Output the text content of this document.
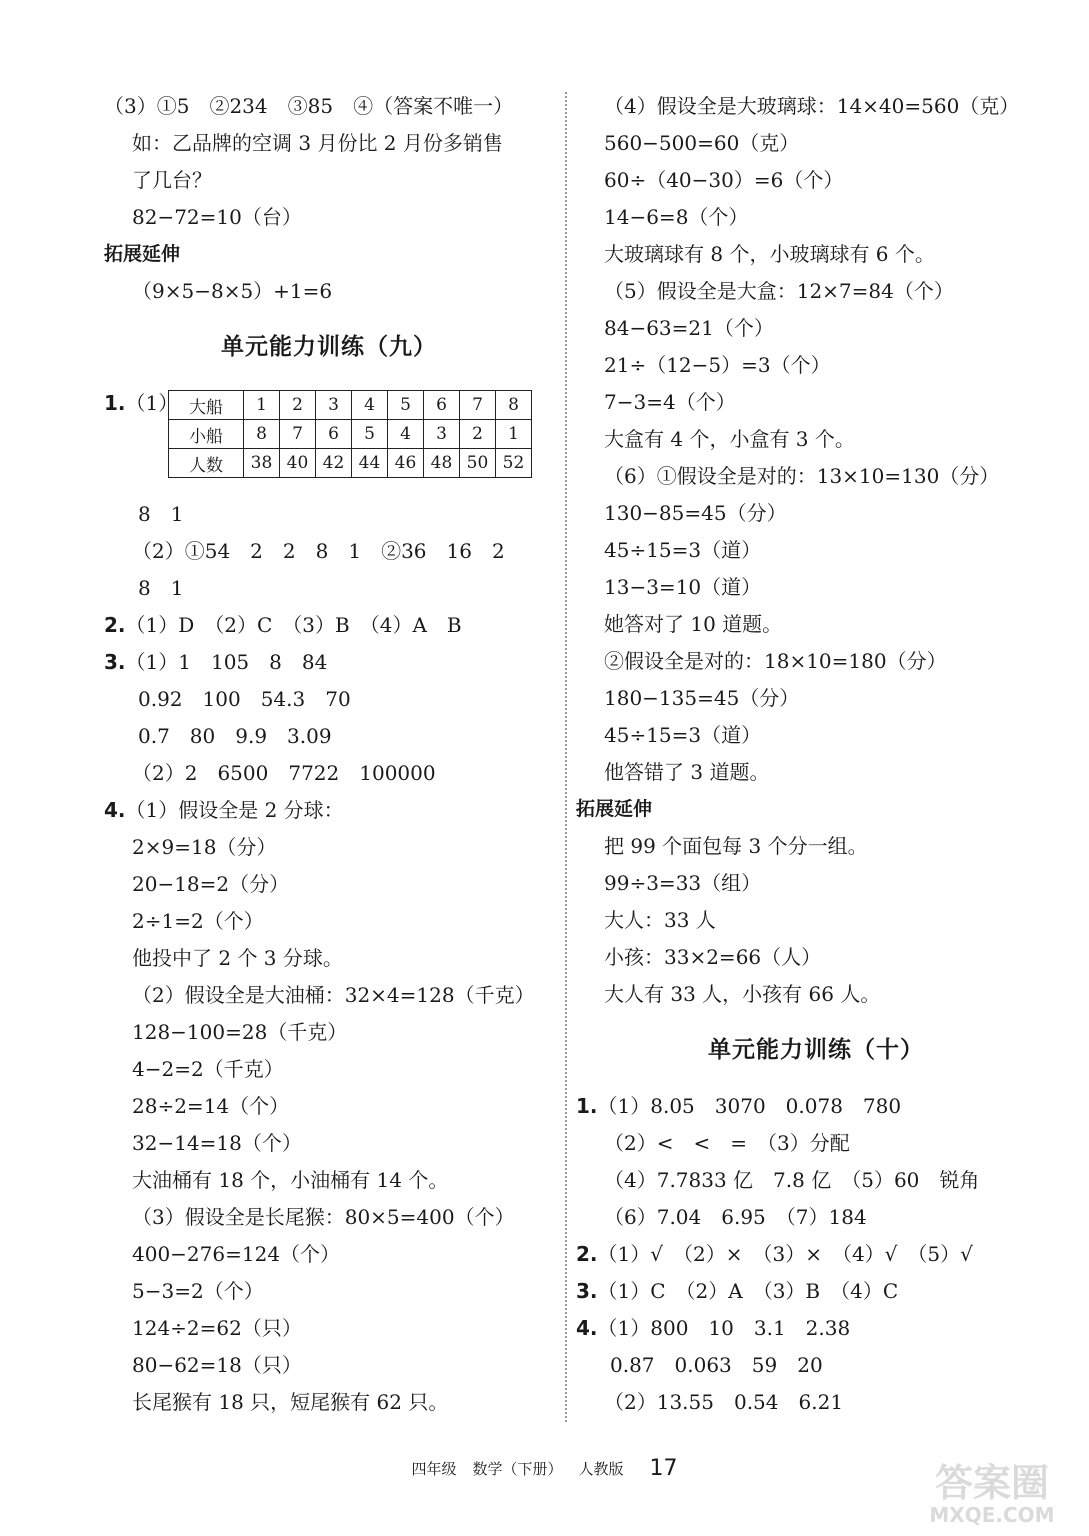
（3）①5　②234　③85　④（答案不唯一）
如：乙品牌的空调 3 月份比 2 月份多销售
了几台？
82−72=10（台）
拓展延伸
（9×5−8×5）+1=6
单元能力训练（九）
1.（1） 大船	1	2	3	4	5	6	7	8
小船	8	7	6	5	4	3	2	1
人数	38	40	42	44	46	48	50	52
8　1
（2）①54　2　2　8　1　②36　16　2
8　1
2.（1）D　（2）C　（3）B　（4）A　B
3.（1）1　105　8　84
0.92　100　54.3　70
0.7　80　9.9　3.09
（2）2　6500　7722　100000
4.（1）假设全是 2 分球：
2×9=18（分）
20−18=2（分）
2÷1=2（个）
他投中了 2 个 3 分球。
（2）假设全是大油桶：32×4=128（千克）
128−100=28（千克）
4−2=2（千克）
28÷2=14（个）
32−14=18（个）
大油桶有 18 个，小油桶有 14 个。
（3）假设全是长尾猴：80×5=400（个）
400−276=124（个）
5−3=2（个）
124÷2=62（只）
80−62=18（只）
长尾猴有 18 只，短尾猴有 62 只。
（4）假设全是大玻璃球：14×40=560（克）
560−500=60（克）
60÷（40−30）=6（个）
14−6=8（个）
大玻璃球有 8 个，小玻璃球有 6 个。
（5）假设全是大盒：12×7=84（个）
84−63=21（个）
21÷（12−5）=3（个）
7−3=4（个）
大盒有 4 个，小盒有 3 个。
（6）①假设全是对的：13×10=130（分）
130−85=45（分）
45÷15=3（道）
13−3=10（道）
她答对了 10 道题。
②假设全是对的：18×10=180（分）
180−135=45（分）
45÷15=3（道）
他答错了 3 道题。
拓展延伸
把 99 个面包每 3 个分一组。
99÷3=33（组）
大人：33 人
小孩：33×2=66（人）
大人有 33 人，小孩有 66 人。
单元能力训练（十）
1.（1）8.05　3070　0.078　780
（2）<　<　=　（3）分配
（4）7.7833 亿　7.8 亿　（5）60　锐角
（6）7.04　6.95　（7）184
2.（1）√　（2）×　（3）×　（4）√　（5）√
3.（1）C　（2）A　（3）B　（4）C
4.（1）800　10　3.1　2.38
0.87　0.063　59　20
（2）13.55　0.54　6.21
四年级  数学（下册）  人教版 17	答案圈
MXQE.COM
